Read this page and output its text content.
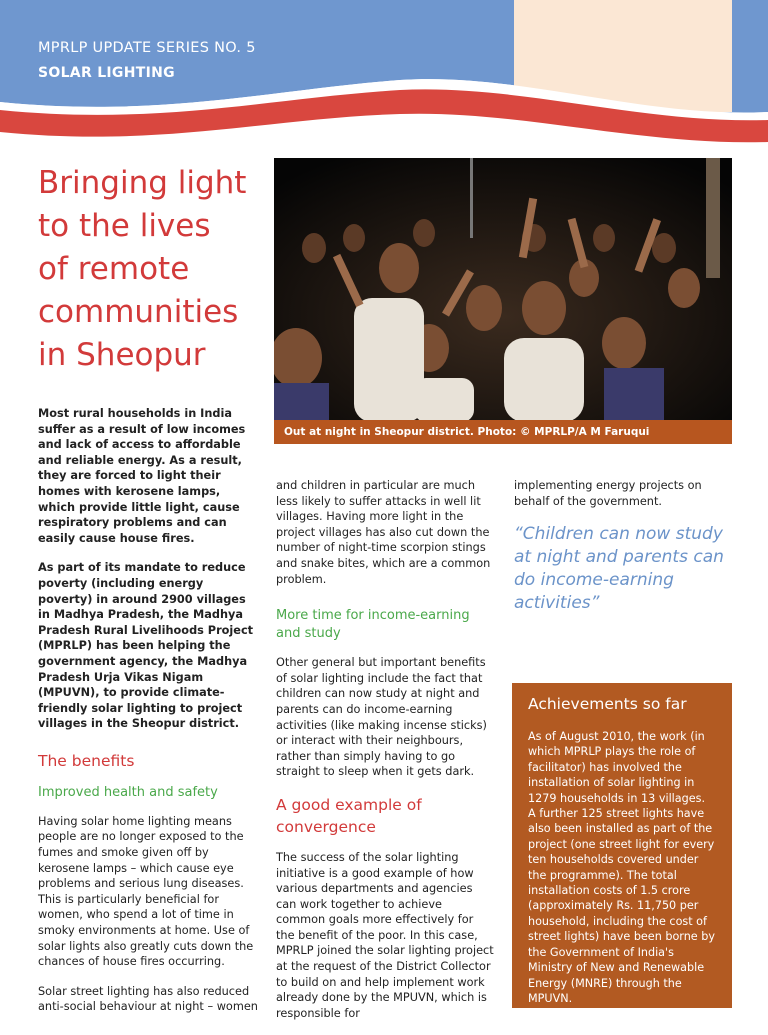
MPRLP UPDATE SERIES NO. 5
SOLAR LIGHTING
Bringing light
to the lives
of remote
communities
in Sheopur
Out at night in Sheopur district. Photo: © MPRLP/A M Faruqui

Most rural households in India suffer as a result of low incomes and lack of access to affordable and reliable energy. As a result, they are forced to light their homes with kerosene lamps, which provide little light, cause respiratory problems and can easily cause house fires.

As part of its mandate to reduce poverty (including energy poverty) in around 2900 villages in Madhya Pradesh, the Madhya Pradesh Rural Livelihoods Project (MPRLP) has been helping the government agency, the Madhya Pradesh Urja Vikas Nigam (MPUVN), to provide climate-friendly solar lighting to project villages in the Sheopur district.

The benefits
Improved health and safety

Having solar home lighting means people are no longer exposed to the fumes and smoke given off by kerosene lamps – which cause eye problems and serious lung diseases. This is particularly beneficial for women, who spend a lot of time in smoky environments at home. Use of solar lights also greatly cuts down the chances of house fires occurring.

Solar street lighting has also reduced anti-social behaviour at night – women

and children in particular are much less likely to suffer attacks in well lit villages. Having more light in the project villages has also cut down the number of night-time scorpion stings and snake bites, which are a common problem.

More time for income-earning and study

Other general but important benefits of solar lighting include the fact that children can now study at night and parents can do income-earning activities (like making incense sticks) or interact with their neighbours, rather than simply having to go straight to sleep when it gets dark.

A good example of convergence

The success of the solar lighting initiative is a good example of how various departments and agencies can work together to achieve common goals more effectively for the benefit of the poor. In this case, MPRLP joined the solar lighting project at the request of the District Collector to build on and help implement work already done by the MPUVN, which is responsible for

implementing energy projects on behalf of the government.

“Children can now study at night and parents can do income-earning activities”

Achievements so far

As of August 2010, the work (in which MPRLP plays the role of facilitator) has involved the installation of solar lighting in 1279 households in 13 villages. A further 125 street lights have also been installed as part of the project (one street light for every ten households covered under the programme). The total installation costs of 1.5 crore (approximately Rs. 11,750 per household, including the cost of street lights) have been borne by the Government of India's Ministry of New and Renewable Energy (MNRE) through the MPUVN.
